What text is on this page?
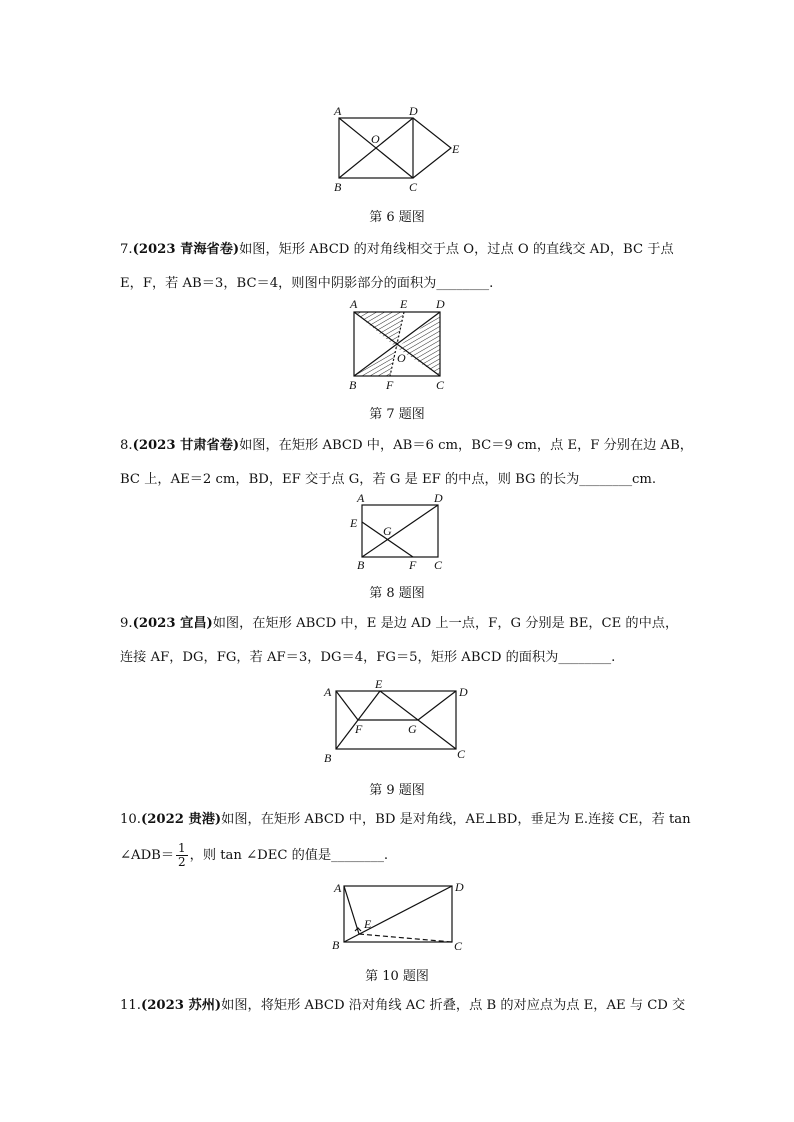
A	D
O
E
B	C
第 6 题图
7.(2023 青海省卷)如图，矩形 ABCD 的对角线相交于点 O，过点 O 的直线交 AD，BC 于点
E，F，若 AB＝3，BC＝4，则图中阴影部分的面积为________.
A	E D
O
B F	C
第 7 题图
8.(2023 甘肃省卷)如图，在矩形 ABCD 中，AB＝6 cm，BC＝9 cm，点 E，F 分别在边 AB，
BC 上，AE＝2 cm，BD，EF 交于点 G，若 G 是 EF 的中点，则 BG 的长为________cm.
A	D
E
G
B	F C
第 8 题图
9.(2023 宜昌)如图，在矩形 ABCD 中，E 是边 AD 上一点，F，G 分别是 BE，CE 的中点，
连接 AF，DG，FG，若 AF＝3，DG＝4，FG＝5，矩形 ABCD 的面积为________.
A
E
D
F	G
B	C
第 9 题图
10.(2022 贵港)如图，在矩形 ABCD 中，BD 是对角线，AE⊥BD，垂足为 E.连接 CE，若 tan
∠ADB＝ $\frac{1}{2}$ ，则 tan ∠DEC 的值是________.
A	D
E
B	C
第 10 题图
11.(2023 苏州)如图，将矩形 ABCD 沿对角线 AC 折叠，点 B 的对应点为点 E，AE 与 CD 交
